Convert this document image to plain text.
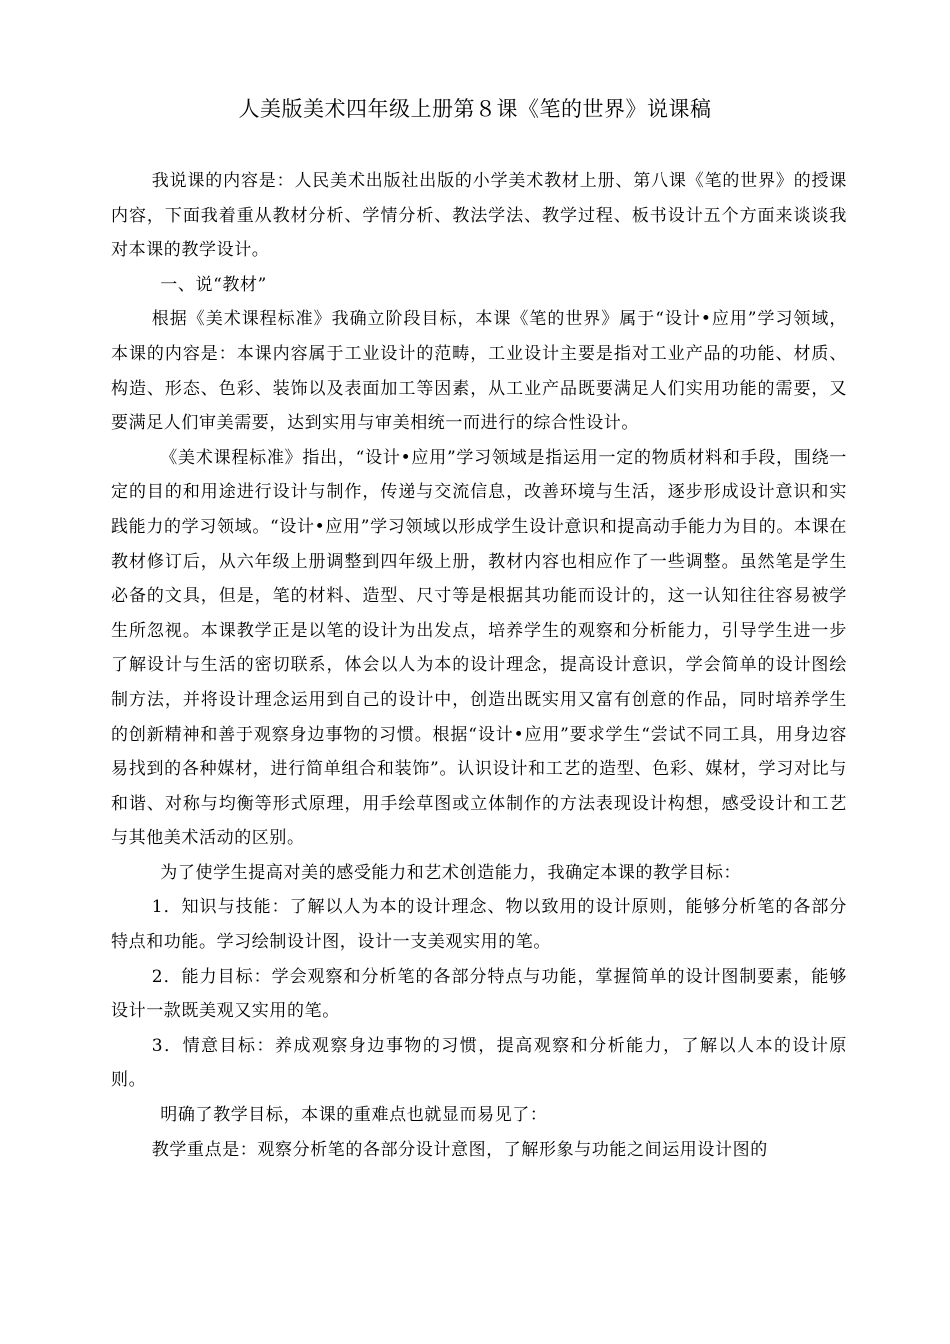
人美版美术四年级上册第８课《笔的世界》说课稿

我说课的内容是：人民美术出版社出版的小学美术教材上册、第八课《笔的世界》的授课内容，下面我着重从教材分析、学情分析、教法学法、教学过程、板书设计五个方面来谈谈我对本课的教学设计。

一、说“教材”

根据《美术课程标准》我确立阶段目标，本课《笔的世界》属于“设计•应用”学习领域，本课的内容是：本课内容属于工业设计的范畴，工业设计主要是指对工业产品的功能、材质、构造、形态、色彩、装饰以及表面加工等因素，从工业产品既要满足人们实用功能的需要，又要满足人们审美需要，达到实用与审美相统一而进行的综合性设计。

《美术课程标准》指出，“设计•应用”学习领域是指运用一定的物质材料和手段，围绕一定的目的和用途进行设计与制作，传递与交流信息，改善环境与生活，逐步形成设计意识和实践能力的学习领域。“设计•应用”学习领域以形成学生设计意识和提高动手能力为目的。本课在教材修订后，从六年级上册调整到四年级上册，教材内容也相应作了一些调整。虽然笔是学生必备的文具，但是，笔的材料、造型、尺寸等是根据其功能而设计的，这一认知往往容易被学生所忽视。本课教学正是以笔的设计为出发点，培养学生的观察和分析能力，引导学生进一步了解设计与生活的密切联系，体会以人为本的设计理念，提高设计意识，学会简单的设计图绘制方法，并将设计理念运用到自己的设计中，创造出既实用又富有创意的作品，同时培养学生的创新精神和善于观察身边事物的习惯。根据“设计•应用”要求学生“尝试不同工具，用身边容易找到的各种媒材，进行简单组合和装饰”。认识设计和工艺的造型、色彩、媒材，学习对比与和谐、对称与均衡等形式原理，用手绘草图或立体制作的方法表现设计构想，感受设计和工艺与其他美术活动的区别。

为了使学生提高对美的感受能力和艺术创造能力，我确定本课的教学目标：

1．知识与技能：了解以人为本的设计理念、物以致用的设计原则，能够分析笔的各部分特点和功能。学习绘制设计图，设计一支美观实用的笔。

2．能力目标：学会观察和分析笔的各部分特点与功能，掌握简单的设计图制要素，能够设计一款既美观又实用的笔。

3．情意目标：养成观察身边事物的习惯，提高观察和分析能力，了解以人本的设计原则。

明确了教学目标，本课的重难点也就显而易见了：

教学重点是：观察分析笔的各部分设计意图，了解形象与功能之间运用设计图的
